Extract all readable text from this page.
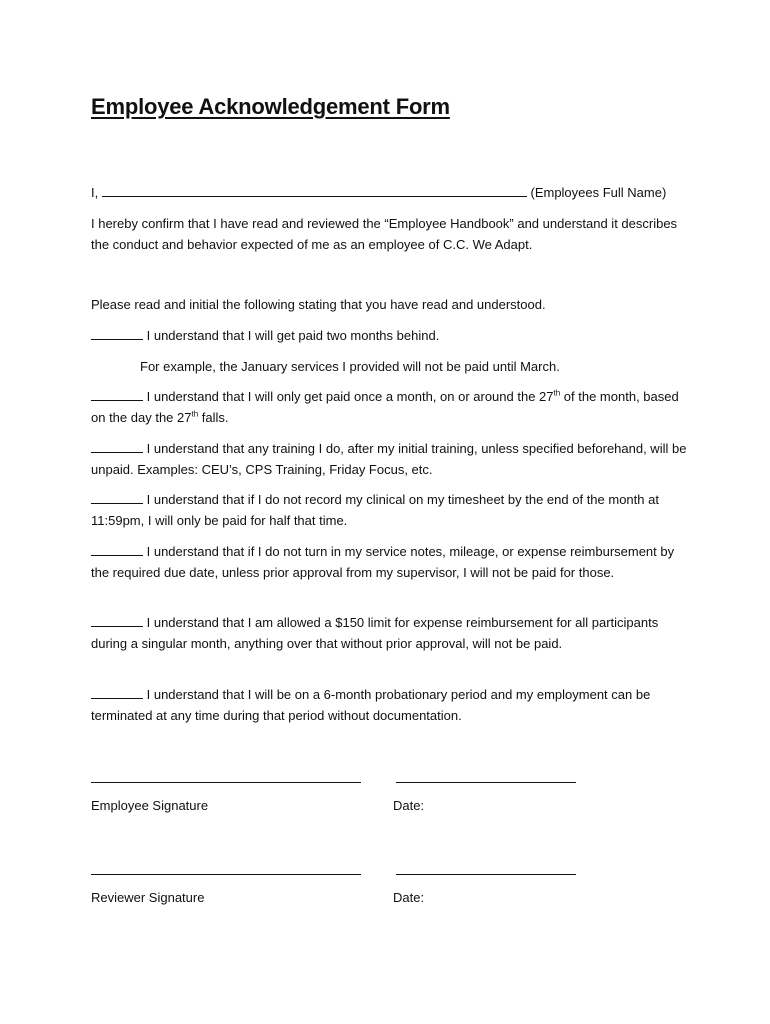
Employee Acknowledgement Form
I,	(Employees Full Name)
I hereby confirm that I have read and reviewed the “Employee Handbook” and understand it describes the conduct and behavior expected of me as an employee of C.C. We Adapt.
Please read and initial the following stating that you have read and understood.
I understand that I will get paid two months behind.
For example, the January services I provided will not be paid until March.
I understand that I will only get paid once a month, on or around the 27th of the month, based on the day the 27th falls.
I understand that any training I do, after my initial training, unless specified beforehand, will be unpaid. Examples: CEU’s, CPS Training, Friday Focus, etc.
I understand that if I do not record my clinical on my timesheet by the end of the month at 11:59pm, I will only be paid for half that time.
I understand that if I do not turn in my service notes, mileage, or expense reimbursement by the required due date, unless prior approval from my supervisor, I will not be paid for those.
I understand that I am allowed a $150 limit for expense reimbursement for all participants during a singular month, anything over that without prior approval, will not be paid.
I understand that I will be on a 6-month probationary period and my employment can be terminated at any time during that period without documentation.
Employee Signature	Date:
Reviewer Signature	Date:
